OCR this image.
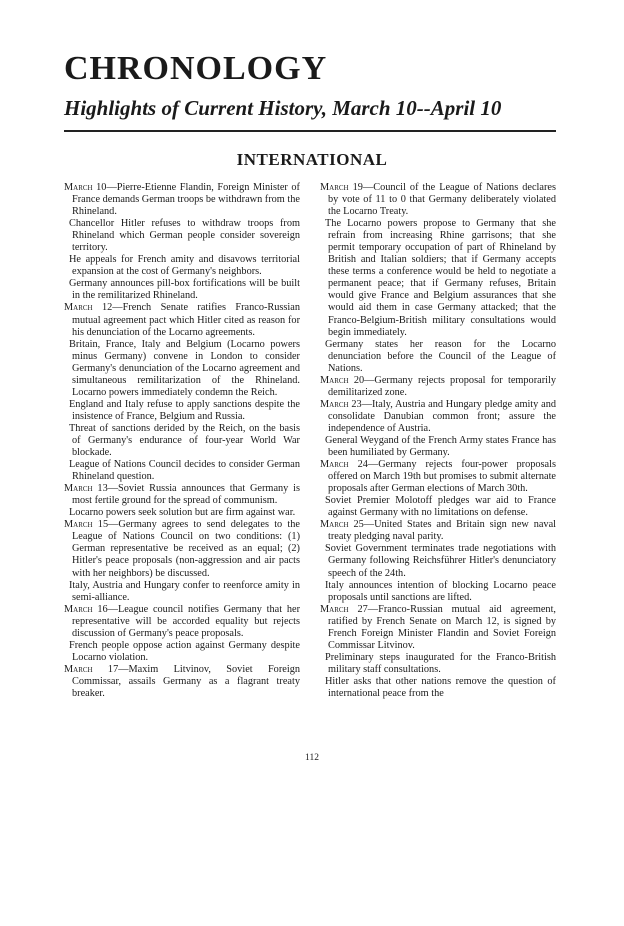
CHRONOLOGY
Highlights of Current History, March 10--April 10
INTERNATIONAL

March 10—Pierre-Etienne Flandin, Foreign Minister of France demands German troops be withdrawn from the Rhineland.

Chancellor Hitler refuses to withdraw troops from Rhineland which German people consider sovereign territory.

He appeals for French amity and disavows territorial expansion at the cost of Germany's neighbors.

Germany announces pill-box fortifications will be built in the remilitarized Rhineland.

March 12—French Senate ratifies Franco-Russian mutual agreement pact which Hitler cited as reason for his denunciation of the Locarno agreements.

Britain, France, Italy and Belgium (Locarno powers minus Germany) convene in London to consider Germany's denunciation of the Locarno agreement and simultaneous remilitarization of the Rhineland. Locarno powers immediately condemn the Reich.

England and Italy refuse to apply sanctions despite the insistence of France, Belgium and Russia.

Threat of sanctions derided by the Reich, on the basis of Germany's endurance of four-year World War blockade.

League of Nations Council decides to consider German Rhineland question.

March 13—Soviet Russia announces that Germany is most fertile ground for the spread of communism.

Locarno powers seek solution but are firm against war.

March 15—Germany agrees to send delegates to the League of Nations Council on two conditions: (1) German representative be received as an equal; (2) Hitler's peace proposals (non-aggression and air pacts with her neighbors) be discussed.

Italy, Austria and Hungary confer to reenforce amity in semi-alliance.

March 16—League council notifies Germany that her representative will be accorded equality but rejects discussion of Germany's peace proposals.

French people oppose action against Germany despite Locarno violation.

March 17—Maxim Litvinov, Soviet Foreign Commissar, assails Germany as a flagrant treaty breaker.

March 19—Council of the League of Nations declares by vote of 11 to 0 that Germany deliberately violated the Locarno Treaty.

The Locarno powers propose to Germany that she refrain from increasing Rhine garrisons; that she permit temporary occupation of part of Rhineland by British and Italian soldiers; that if Germany accepts these terms a conference would be held to negotiate a permanent peace; that if Germany refuses, Britain would give France and Belgium assurances that she would aid them in case Germany attacked; that the Franco-Belgium-British military consultations would begin immediately.

Germany states her reason for the Locarno denunciation before the Council of the League of Nations.

March 20—Germany rejects proposal for temporarily demilitarized zone.

March 23—Italy, Austria and Hungary pledge amity and consolidate Danubian common front; assure the independence of Austria.

General Weygand of the French Army states France has been humiliated by Germany.

March 24—Germany rejects four-power proposals offered on March 19th but promises to submit alternate proposals after German elections of March 30th.

Soviet Premier Molotoff pledges war aid to France against Germany with no limitations on defense.

March 25—United States and Britain sign new naval treaty pledging naval parity.

Soviet Government terminates trade negotiations with Germany following Reichsführer Hitler's denunciatory speech of the 24th.

Italy announces intention of blocking Locarno peace proposals until sanctions are lifted.

March 27—Franco-Russian mutual aid agreement, ratified by French Senate on March 12, is signed by French Foreign Minister Flandin and Soviet Foreign Commissar Litvinov.

Preliminary steps inaugurated for the Franco-British military staff consultations.

Hitler asks that other nations remove the question of international peace from the

112
